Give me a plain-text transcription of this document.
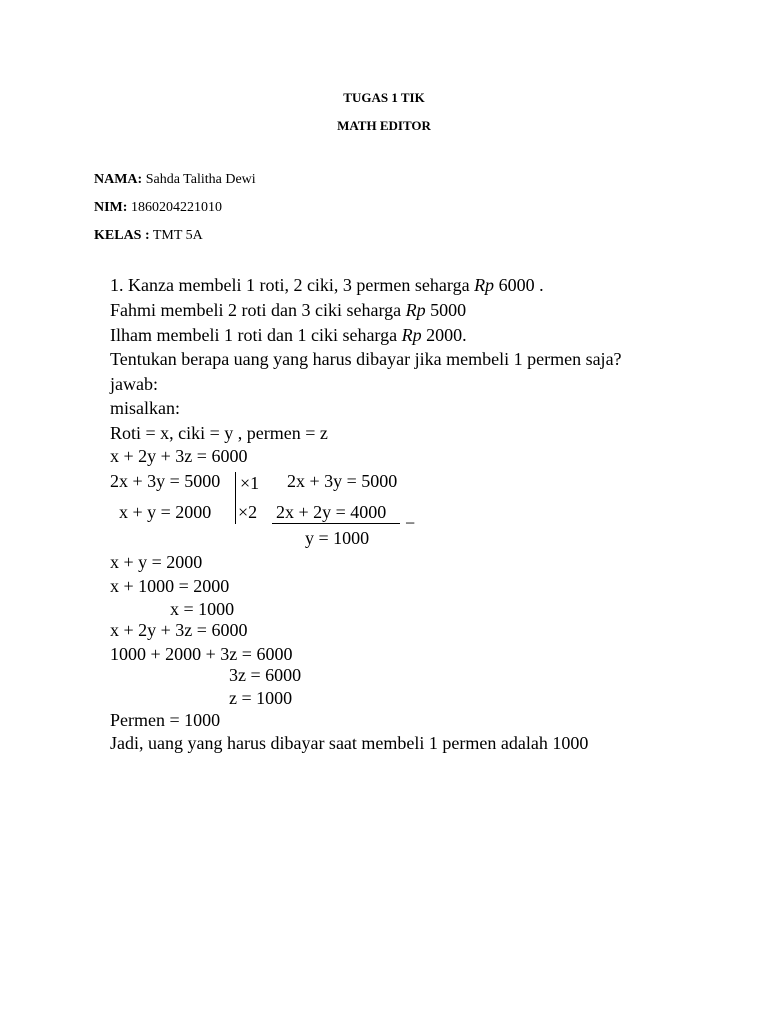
TUGAS 1 TIK
MATH EDITOR
NAMA: Sahda Talitha Dewi
NIM: 1860204221010
KELAS : TMT 5A
1. Kanza membeli 1 roti, 2 ciki, 3 permen seharga Rp 6000 .
Fahmi membeli 2 roti dan 3 ciki seharga Rp 5000
Ilham membeli 1 roti dan 1 ciki seharga Rp 2000.
Tentukan berapa uang yang harus dibayar jika membeli 1 permen saja?
jawab:
misalkan:
Roti = x, ciki = y , permen = z
x + 2y + 3z = 6000
2x + 3y = 5000 ×1 2x + 3y = 5000
x + y = 2000 ×2 2x + 2y = 4000
−
y = 1000
x + y = 2000
x + 1000 = 2000
x = 1000
x + 2y + 3z = 6000
1000 + 2000 + 3z = 6000
3z = 6000
z = 1000
Permen = 1000
Jadi, uang yang harus dibayar saat membeli 1 permen adalah 1000
